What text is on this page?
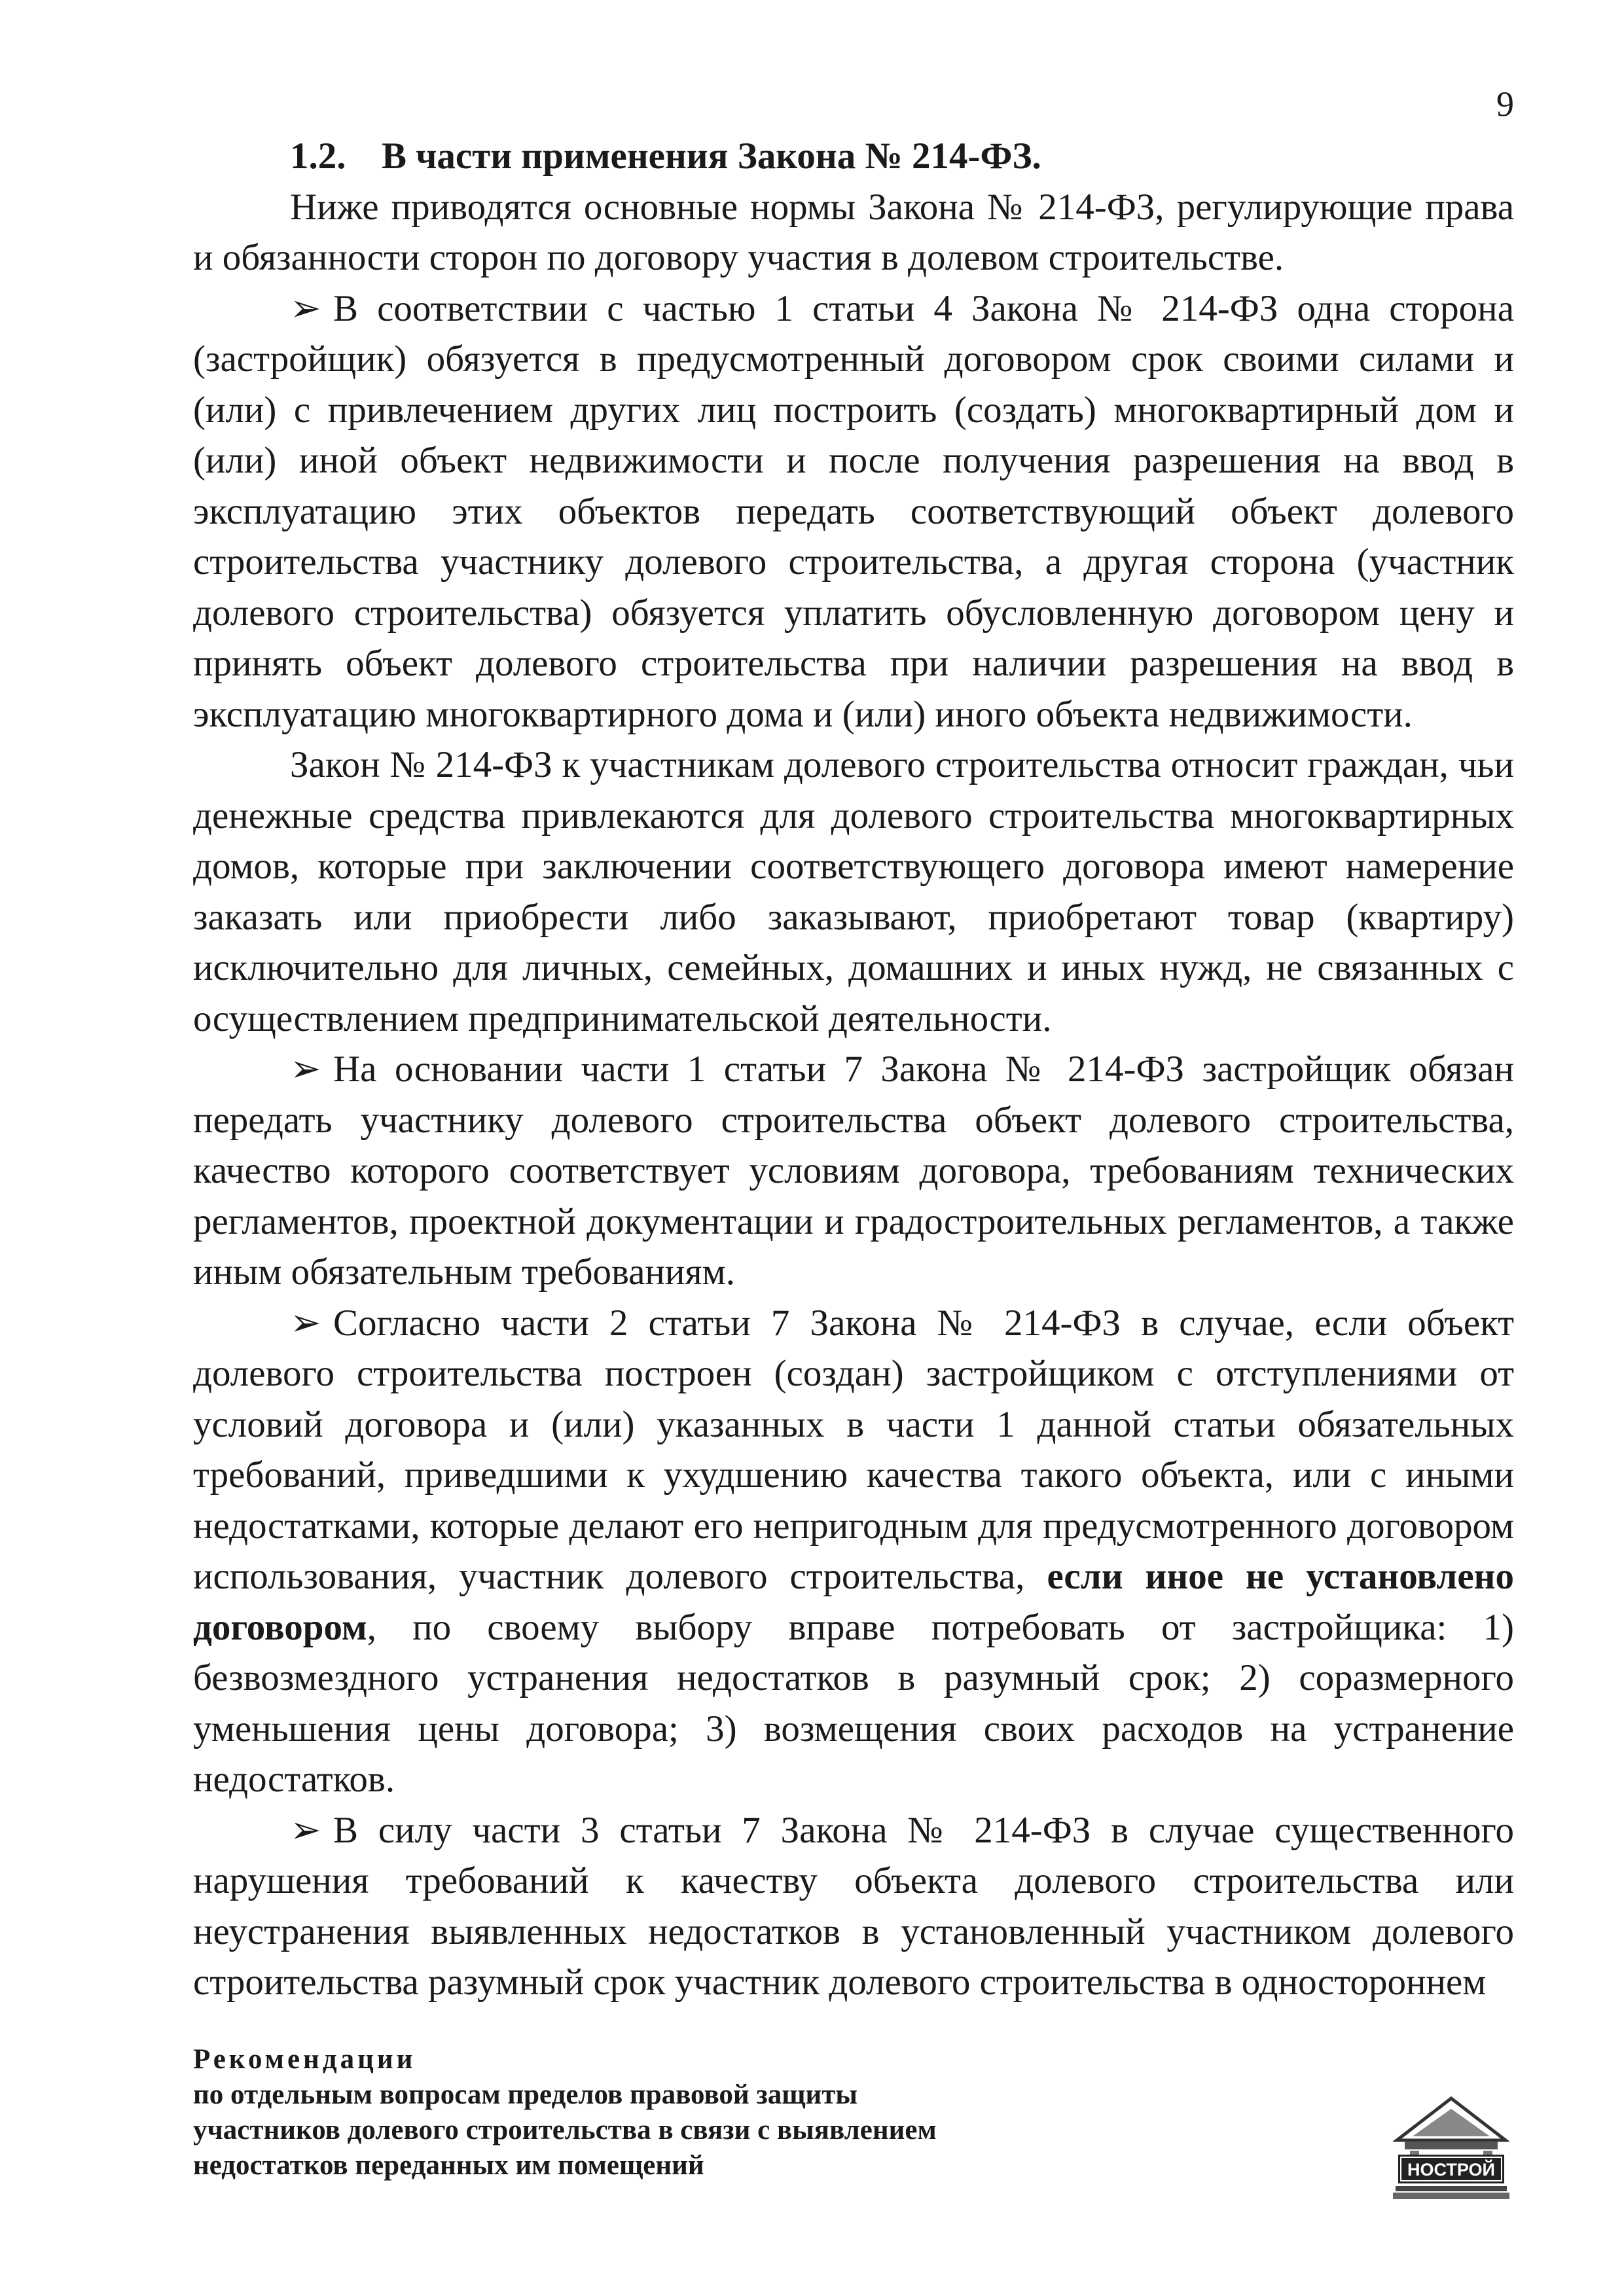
9

1.2. В части применения Закона № 214-ФЗ.

Ниже приводятся основные нормы Закона № 214-ФЗ, регулирующие права и обязанности сторон по договору участия в долевом строительстве.

➢ В соответствии с частью 1 статьи 4 Закона № 214-ФЗ одна сторона (застройщик) обязуется в предусмотренный договором срок своими силами и (или) с привлечением других лиц построить (создать) многоквартирный дом и (или) иной объект недвижимости и после получения разрешения на ввод в эксплуатацию этих объектов передать соответствующий объект долевого строительства участнику долевого строительства, а другая сторона (участник долевого строительства) обязуется уплатить обусловленную договором цену и принять объект долевого строительства при наличии разрешения на ввод в эксплуатацию многоквартирного дома и (или) иного объекта недвижимости.

Закон № 214-ФЗ к участникам долевого строительства относит граждан, чьи денежные средства привлекаются для долевого строительства многоквартирных домов, которые при заключении соответствующего договора имеют намерение заказать или приобрести либо заказывают, приобретают товар (квартиру) исключительно для личных, семейных, домашних и иных нужд, не связанных с осуществлением предпринимательской деятельности.

➢ На основании части 1 статьи 7 Закона № 214-ФЗ застройщик обязан передать участнику долевого строительства объект долевого строительства, качество которого соответствует условиям договора, требованиям технических регламентов, проектной документации и градостроительных регламентов, а также иным обязательным требованиям.

➢ Согласно части 2 статьи 7 Закона № 214-ФЗ в случае, если объект долевого строительства построен (создан) застройщиком с отступлениями от условий договора и (или) указанных в части 1 данной статьи обязательных требований, приведшими к ухудшению качества такого объекта, или с иными недостатками, которые делают его непригодным для предусмотренного договором использования, участник долевого строительства, если иное не установлено договором, по своему выбору вправе потребовать от застройщика: 1) безвозмездного устранения недостатков в разумный срок; 2) соразмерного уменьшения цены договора; 3) возмещения своих расходов на устранение недостатков.

➢ В силу части 3 статьи 7 Закона № 214-ФЗ в случае существенного нарушения требований к качеству объекта долевого строительства или неустранения выявленных недостатков в установленный участником долевого строительства разумный срок участник долевого строительства в одностороннем

Рекомендации
по отдельным вопросам пределов правовой защиты
участников долевого строительства в связи с выявлением
недостатков переданных им помещений	НОСТРОЙ
